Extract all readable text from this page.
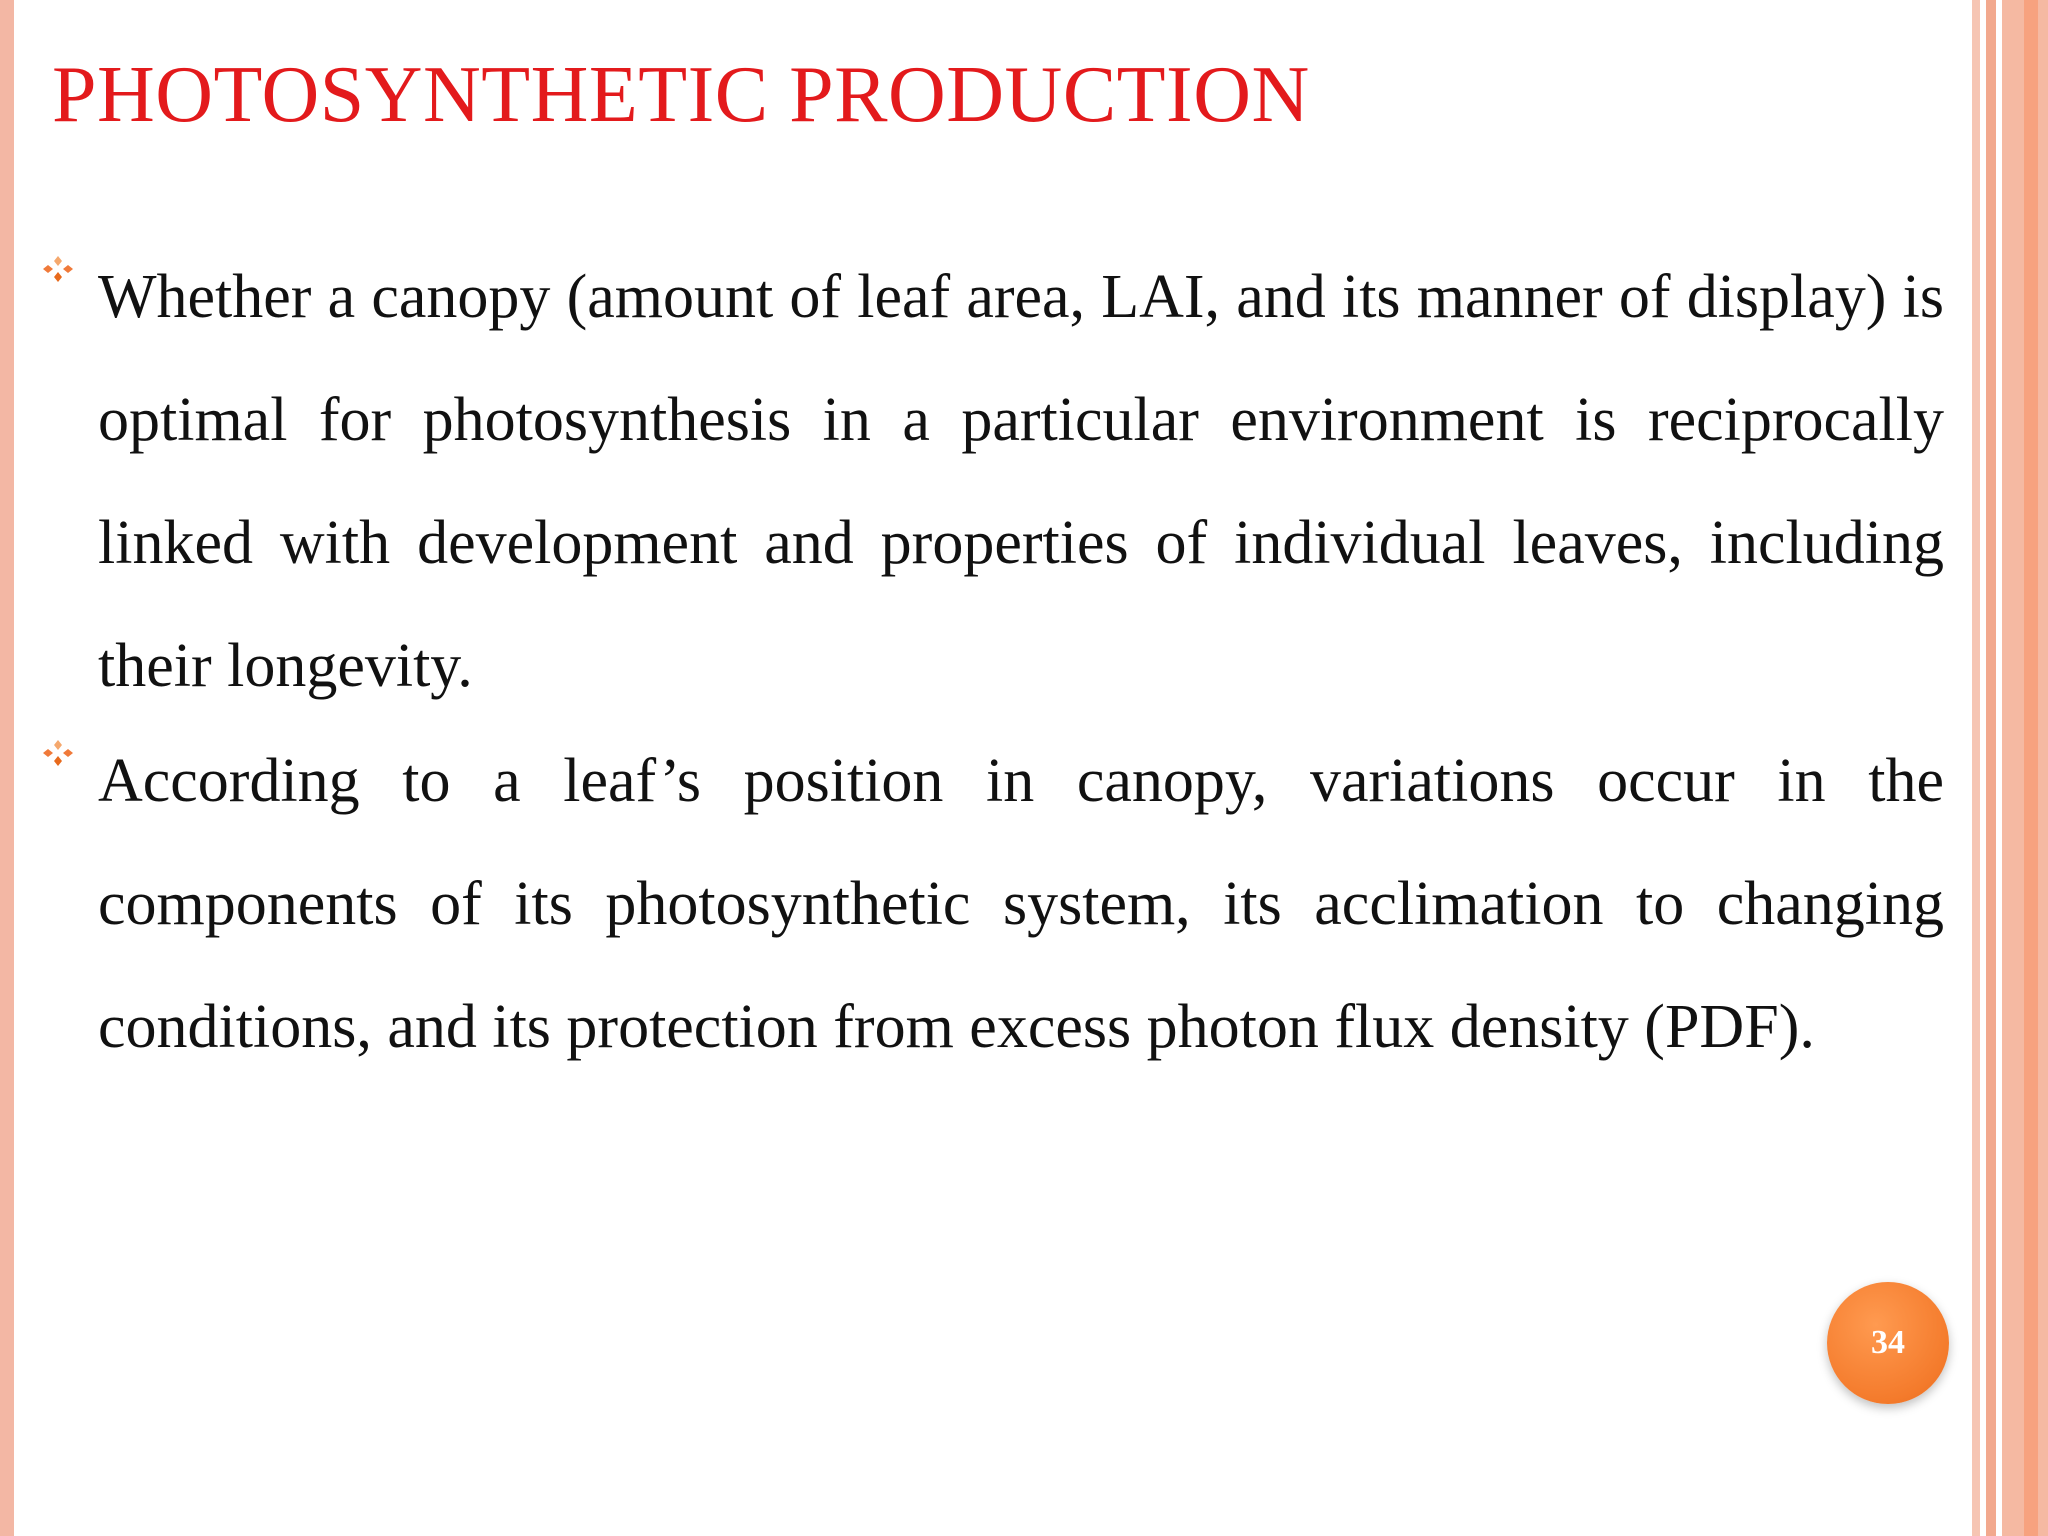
PHOTOSYNTHETIC PRODUCTION
Whether a canopy (amount of leaf area, LAI, and its manner of display) is optimal for photosynthesis in a particular environment is reciprocally linked with development and properties of individual leaves, including their longevity.
According to a leaf’s position in canopy, variations occur in the components of its photosynthetic system, its acclimation to changing conditions, and its protection from excess photon flux density (PDF).
34
